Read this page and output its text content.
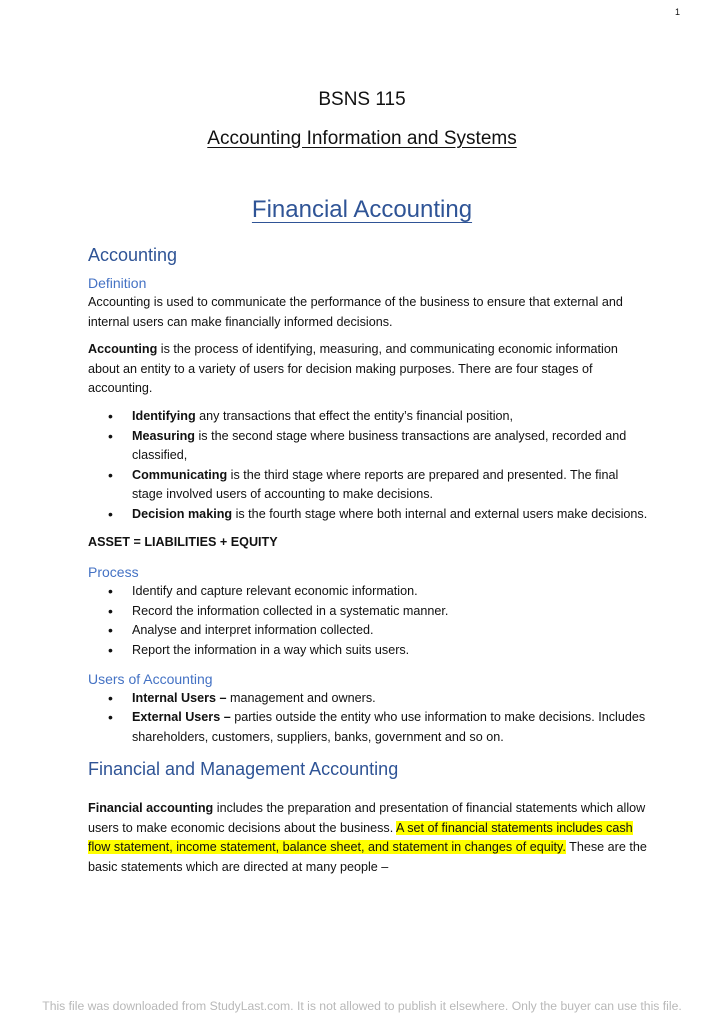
1
BSNS 115
Accounting Information and Systems
Financial Accounting
Accounting
Definition

Accounting is used to communicate the performance of the business to ensure that external and internal users can make financially informed decisions.

Accounting is the process of identifying, measuring, and communicating economic information about an entity to a variety of users for decision making purposes. There are four stages of accounting.

• Identifying any transactions that effect the entity’s financial position,
• Measuring is the second stage where business transactions are analysed, recorded and classified,
• Communicating is the third stage where reports are prepared and presented. The final stage involved users of accounting to make decisions.
• Decision making is the fourth stage where both internal and external users make decisions.

ASSET = LIABILITIES + EQUITY

Process
• Identify and capture relevant economic information.
• Record the information collected in a systematic manner.
• Analyse and interpret information collected.
• Report the information in a way which suits users.
Users of Accounting
• Internal Users – management and owners.
• External Users – parties outside the entity who use information to make decisions. Includes shareholders, customers, suppliers, banks, government and so on.
Financial and Management Accounting

Financial accounting includes the preparation and presentation of financial statements which allow users to make economic decisions about the business. A set of financial statements includes cash flow statement, income statement, balance sheet, and statement in changes of equity. These are the basic statements which are directed at many people –

This file was downloaded from StudyLast.com. It is not allowed to publish it elsewhere. Only the buyer can use this file.
